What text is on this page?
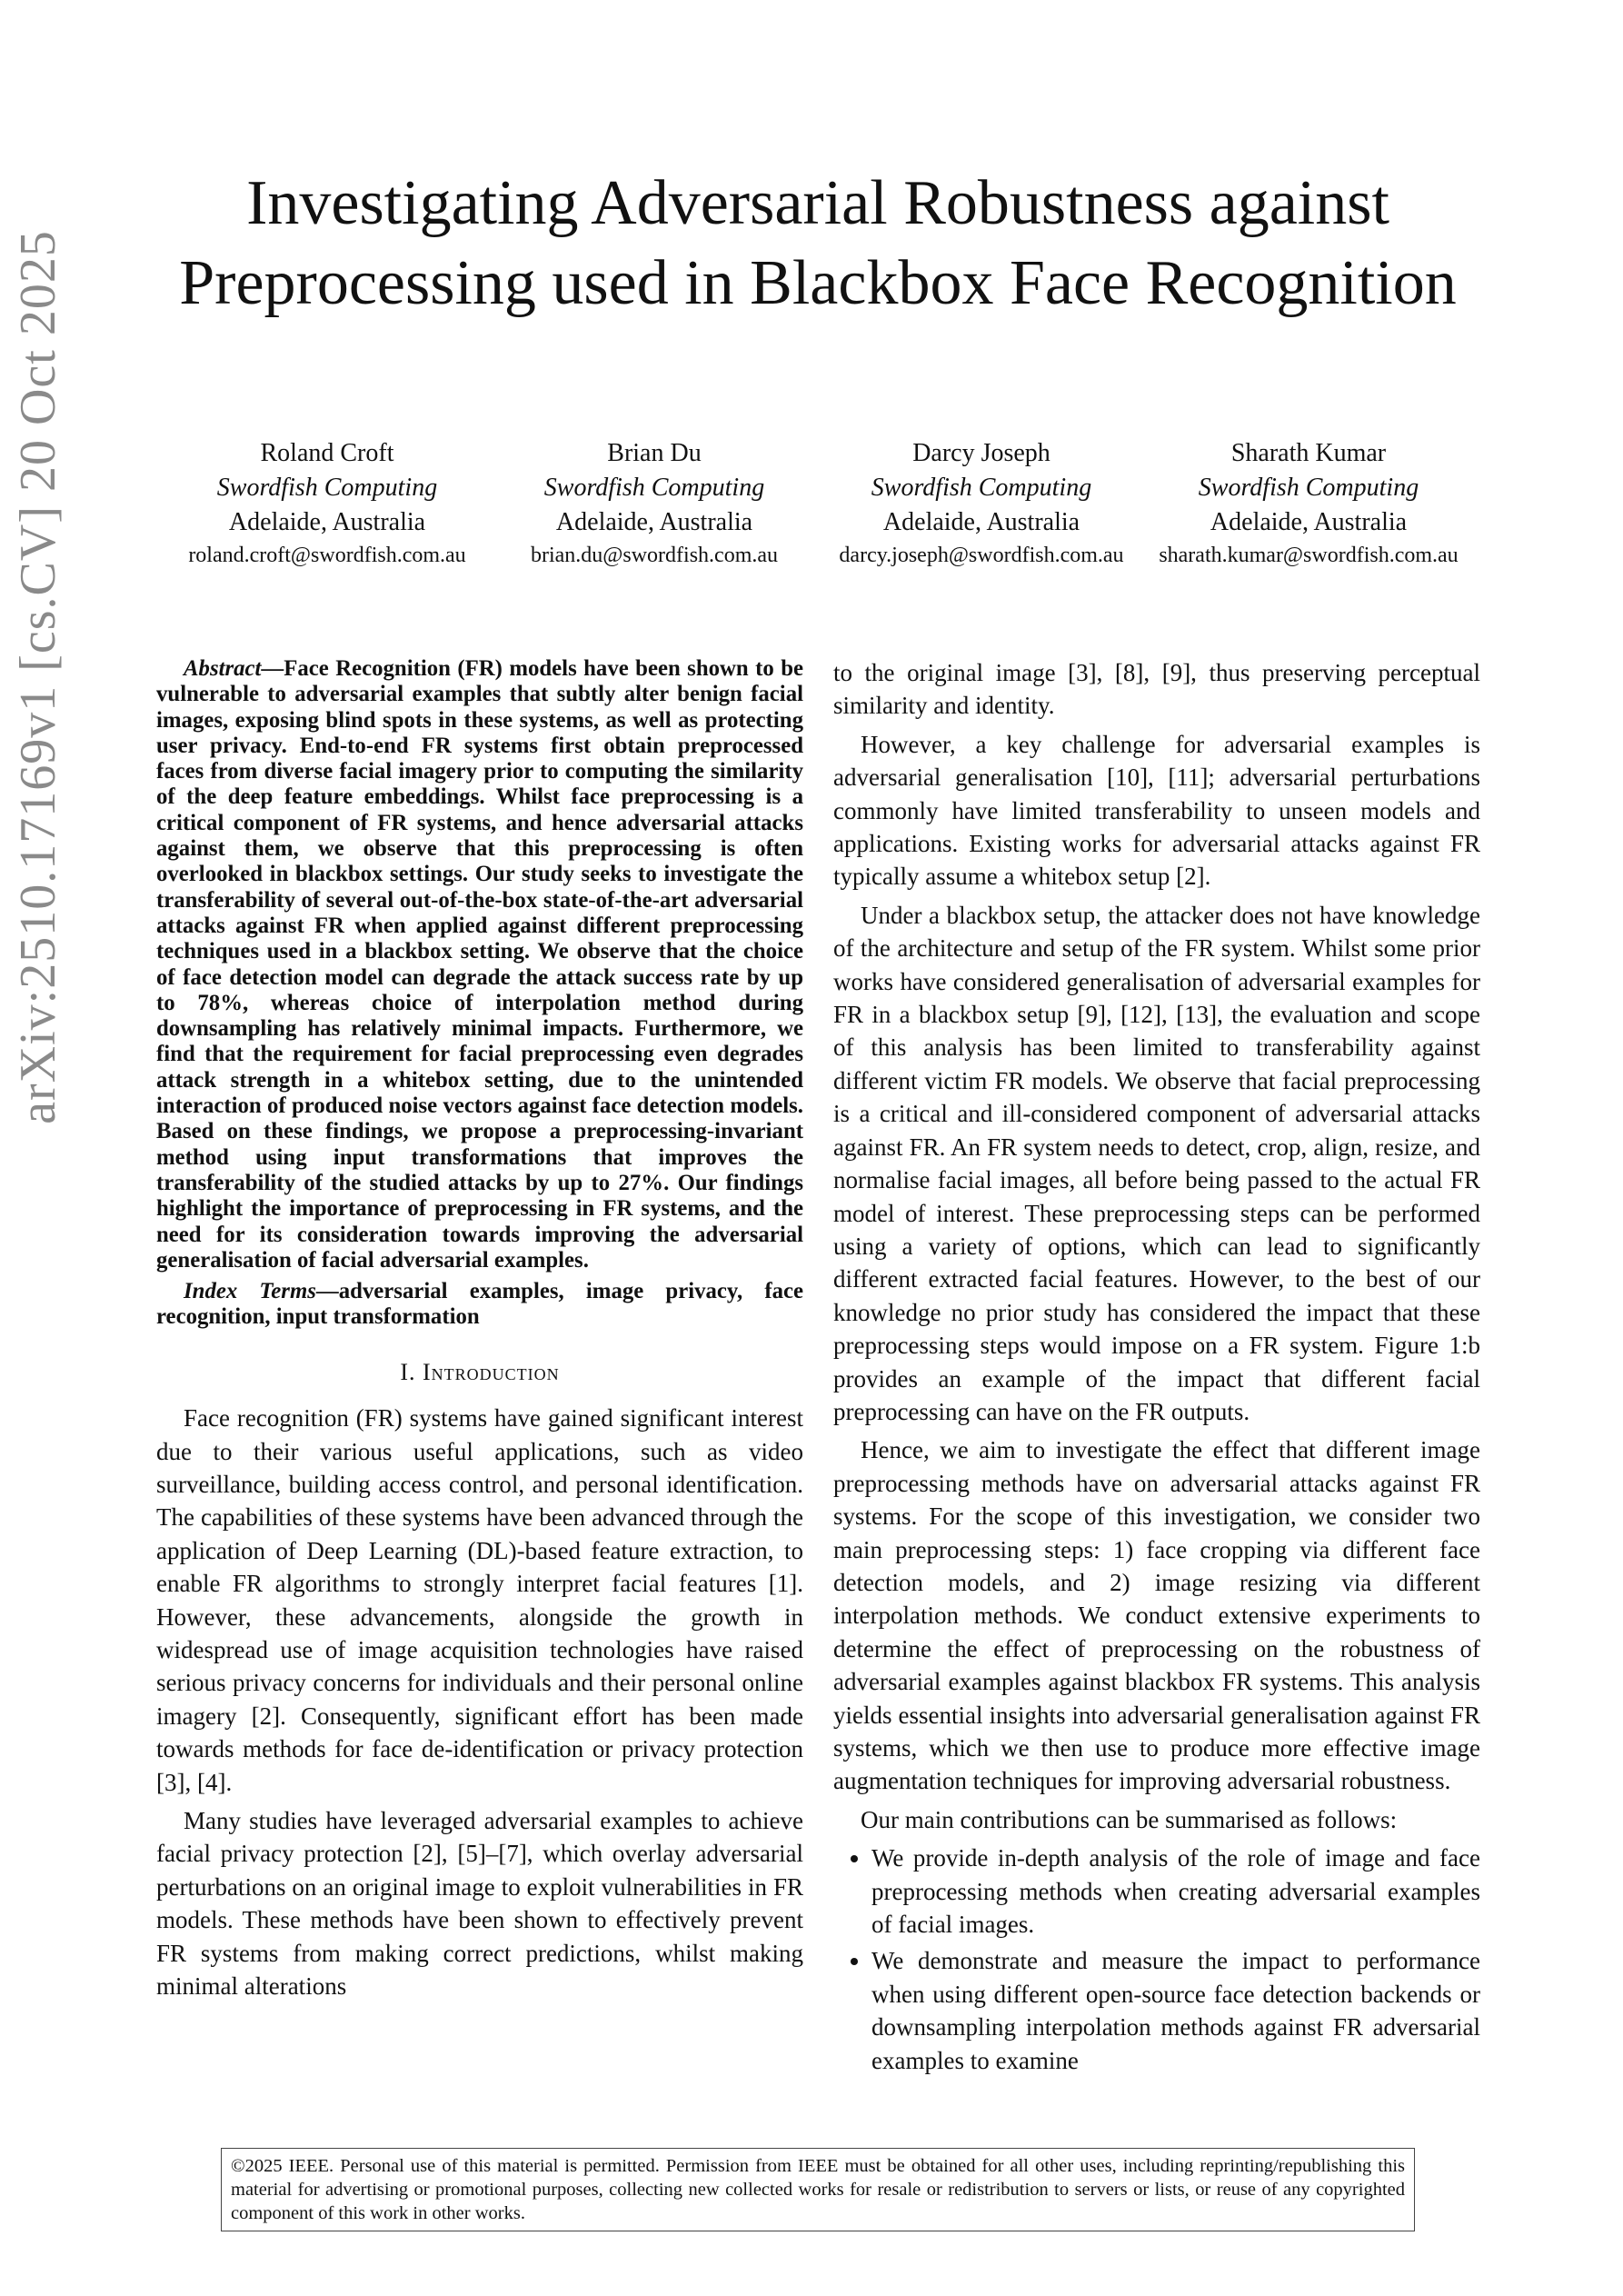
arXiv:2510.17169v1 [cs.CV] 20 Oct 2025
Investigating Adversarial Robustness against Preprocessing used in Blackbox Face Recognition
Roland Croft
Swordfish Computing
Adelaide, Australia
roland.croft@swordfish.com.au
Brian Du
Swordfish Computing
Adelaide, Australia
brian.du@swordfish.com.au
Darcy Joseph
Swordfish Computing
Adelaide, Australia
darcy.joseph@swordfish.com.au
Sharath Kumar
Swordfish Computing
Adelaide, Australia
sharath.kumar@swordfish.com.au

Abstract—Face Recognition (FR) models have been shown to be vulnerable to adversarial examples that subtly alter benign facial images, exposing blind spots in these systems, as well as protecting user privacy. End-to-end FR systems first obtain preprocessed faces from diverse facial imagery prior to computing the similarity of the deep feature embeddings. Whilst face preprocessing is a critical component of FR systems, and hence adversarial attacks against them, we observe that this preprocessing is often overlooked in blackbox settings. Our study seeks to investigate the transferability of several out-of-the-box state-of-the-art adversarial attacks against FR when applied against different preprocessing techniques used in a blackbox setting. We observe that the choice of face detection model can degrade the attack success rate by up to 78%, whereas choice of interpolation method during downsampling has relatively minimal impacts. Furthermore, we find that the requirement for facial preprocessing even degrades attack strength in a whitebox setting, due to the unintended interaction of produced noise vectors against face detection models. Based on these findings, we propose a preprocessing-invariant method using input transformations that improves the transferability of the studied attacks by up to 27%. Our findings highlight the importance of preprocessing in FR systems, and the need for its consideration towards improving the adversarial generalisation of facial adversarial examples.

Index Terms—adversarial examples, image privacy, face recognition, input transformation

I. Introduction

Face recognition (FR) systems have gained significant interest due to their various useful applications, such as video surveillance, building access control, and personal identification. The capabilities of these systems have been advanced through the application of Deep Learning (DL)-based feature extraction, to enable FR algorithms to strongly interpret facial features [1]. However, these advancements, alongside the growth in widespread use of image acquisition technologies have raised serious privacy concerns for individuals and their personal online imagery [2]. Consequently, significant effort has been made towards methods for face de-identification or privacy protection [3], [4].

Many studies have leveraged adversarial examples to achieve facial privacy protection [2], [5]–[7], which overlay adversarial perturbations on an original image to exploit vulnerabilities in FR models. These methods have been shown to effectively prevent FR systems from making correct predictions, whilst making minimal alterations

to the original image [3], [8], [9], thus preserving perceptual similarity and identity.

However, a key challenge for adversarial examples is adversarial generalisation [10], [11]; adversarial perturbations commonly have limited transferability to unseen models and applications. Existing works for adversarial attacks against FR typically assume a whitebox setup [2].

Under a blackbox setup, the attacker does not have knowledge of the architecture and setup of the FR system. Whilst some prior works have considered generalisation of adversarial examples for FR in a blackbox setup [9], [12], [13], the evaluation and scope of this analysis has been limited to transferability against different victim FR models. We observe that facial preprocessing is a critical and ill-considered component of adversarial attacks against FR. An FR system needs to detect, crop, align, resize, and normalise facial images, all before being passed to the actual FR model of interest. These preprocessing steps can be performed using a variety of options, which can lead to significantly different extracted facial features. However, to the best of our knowledge no prior study has considered the impact that these preprocessing steps would impose on a FR system. Figure 1:b provides an example of the impact that different facial preprocessing can have on the FR outputs.

Hence, we aim to investigate the effect that different image preprocessing methods have on adversarial attacks against FR systems. For the scope of this investigation, we consider two main preprocessing steps: 1) face cropping via different face detection models, and 2) image resizing via different interpolation methods. We conduct extensive experiments to determine the effect of preprocessing on the robustness of adversarial examples against blackbox FR systems. This analysis yields essential insights into adversarial generalisation against FR systems, which we then use to produce more effective image augmentation techniques for improving adversarial robustness.

Our main contributions can be summarised as follows:

• We provide in-depth analysis of the role of image and face preprocessing methods when creating adversarial examples of facial images.
• We demonstrate and measure the impact to performance when using different open-source face detection backends or downsampling interpolation methods against FR adversarial examples to examine
©2025 IEEE. Personal use of this material is permitted. Permission from IEEE must be obtained for all other uses, including reprinting/republishing this material for advertising or promotional purposes, collecting new collected works for resale or redistribution to servers or lists, or reuse of any copyrighted component of this work in other works.
